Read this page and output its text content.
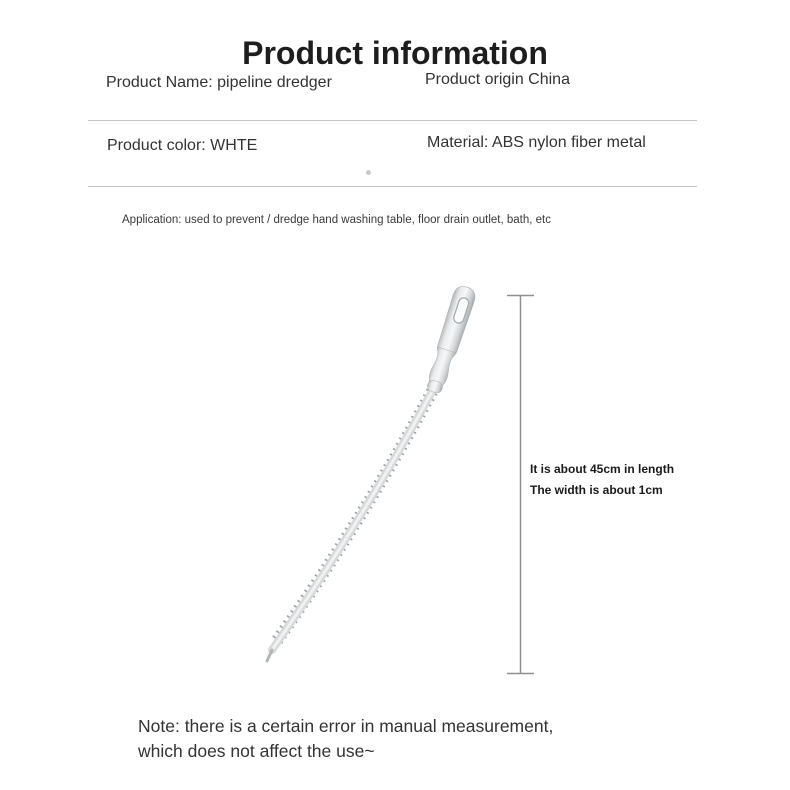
Product information
Product Name: pipeline dredger	Product origin China
Product color: WHTE	Material: ABS nylon fiber metal
Application: used to prevent / dredge hand washing table, floor drain outlet, bath, etc
It is about 45cm in length
The width is about 1cm
Note: there is a certain error in manual measurement,
which does not affect the use~
